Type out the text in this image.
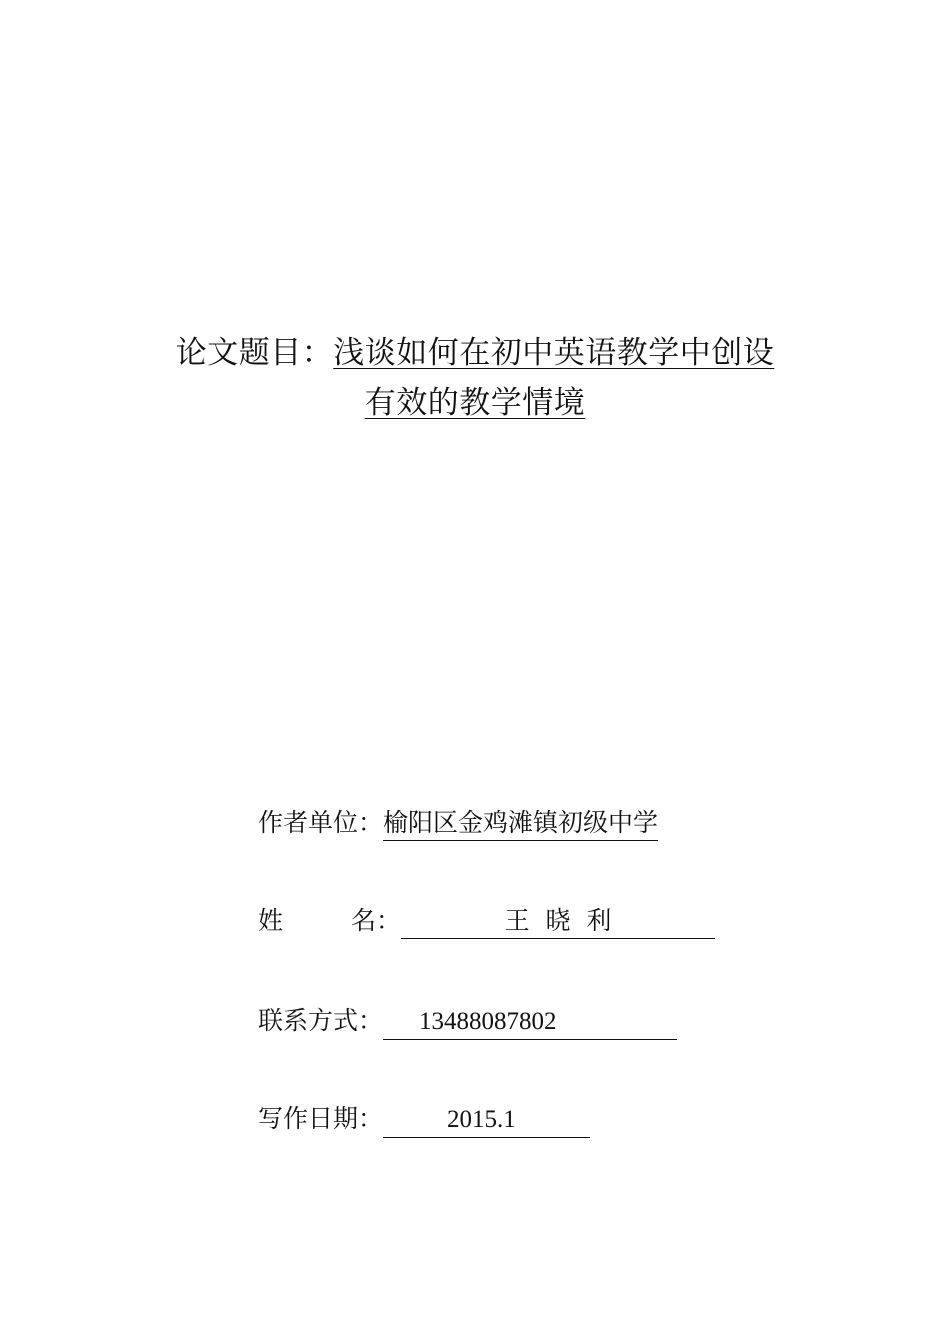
论文题目：浅谈如何在初中英语教学中创设
有效的教学情境
作者单位 ： 榆阳区金鸡滩镇初级中学
姓	名 ：	王  晓  利
联系方式 ：	13488087802
写作日期 ：	2015.1
